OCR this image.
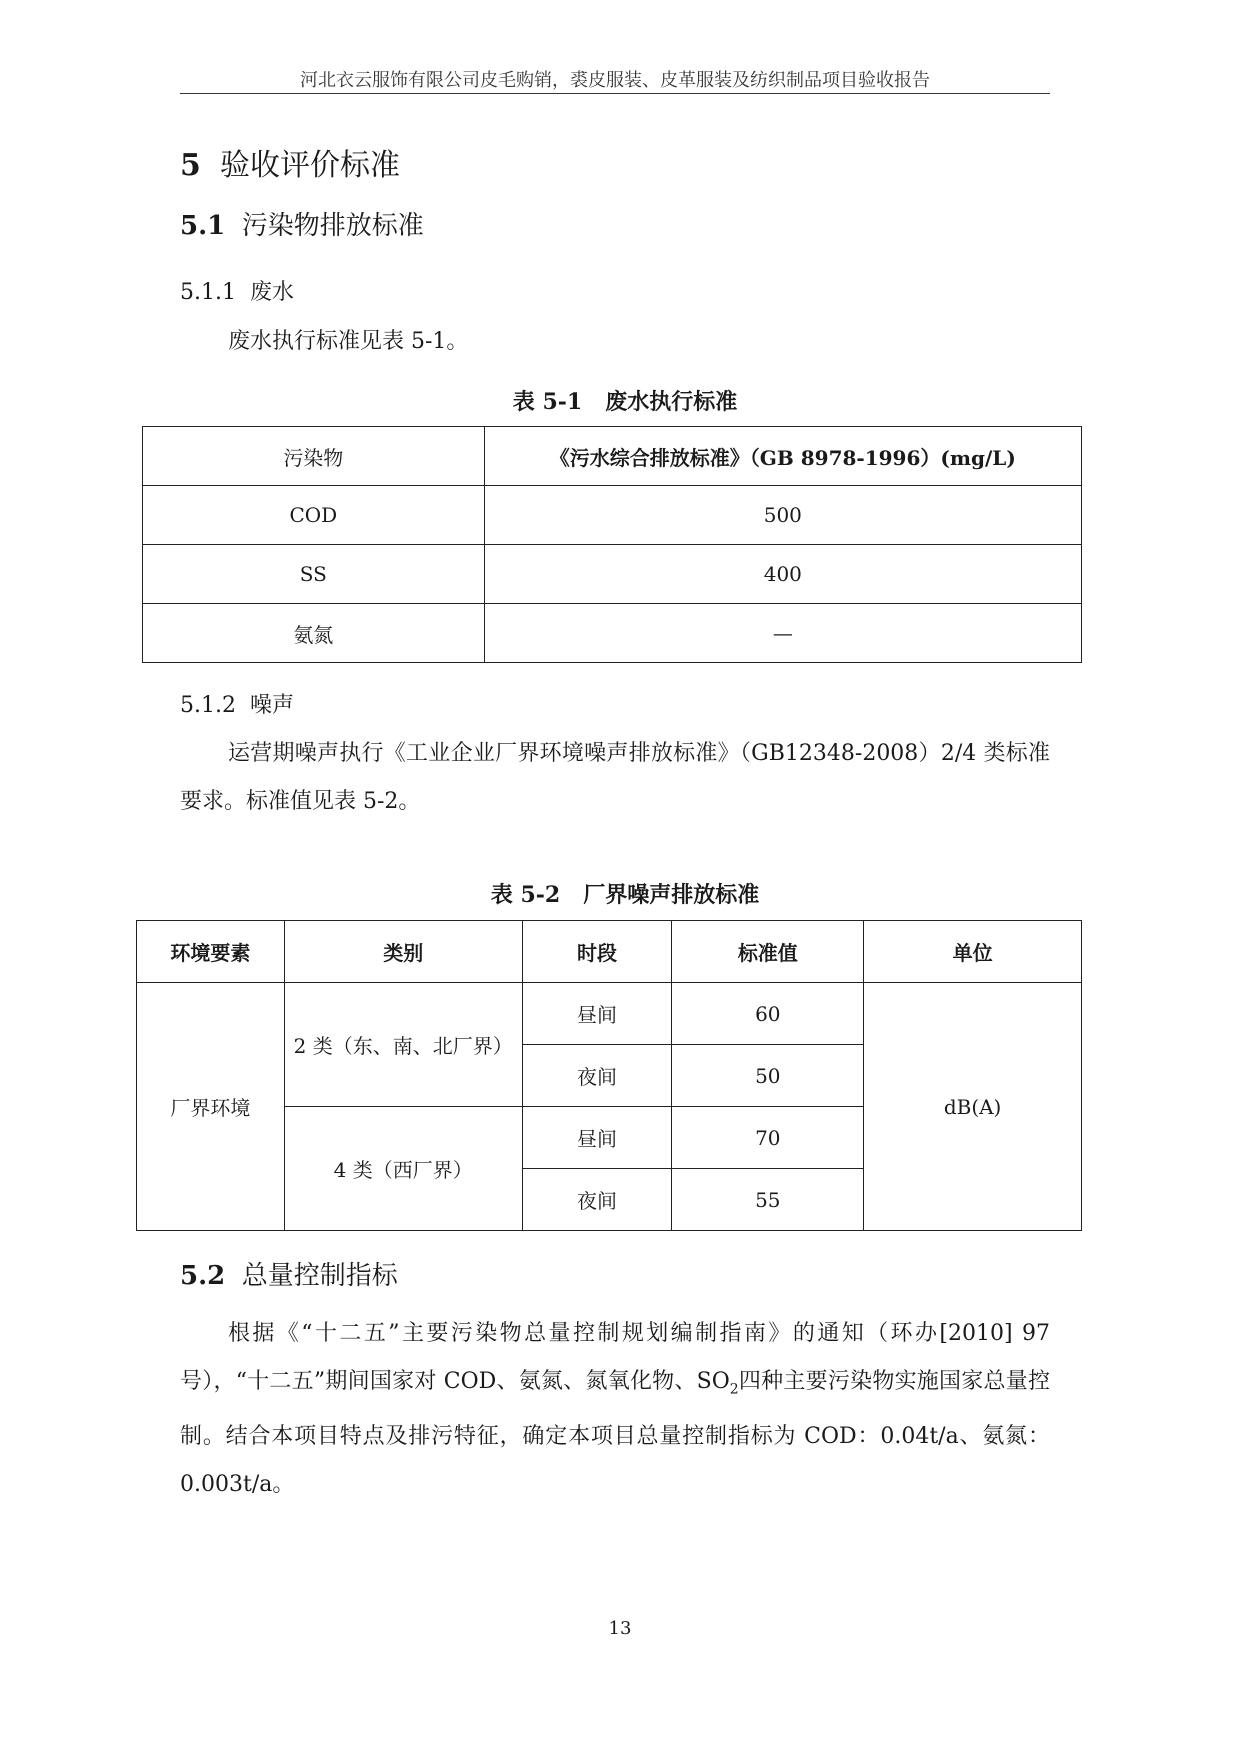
河北衣云服饰有限公司皮毛购销，裘皮服装、皮革服装及纺织制品项目验收报告
5 验收评价标准
5.1 污染物排放标准
5.1.1 废水
废水执行标准见表 5-1。
表 5-1 废水执行标准
污染物	《污水综合排放标准》（GB 8978-1996）(mg/L)
COD	500
SS	400
氨氮	—
5.1.2 噪声
运营期噪声执行《工业企业厂界环境噪声排放标准》（GB12348-2008）2/4 类标准要求。标准值见表 5-2。
表 5-2 厂界噪声排放标准
环境要素	类别	时段	标准值	单位
厂界环境	2 类（东、南、北厂界）	昼间	60	dB(A)
		夜间	50	
	4 类（西厂界）	昼间	70	
		夜间	55	
5.2 总量控制指标
根据《“十二五”主要污染物总量控制规划编制指南》的通知（环办[2010] 97 号），“十二五”期间国家对 COD、氨氮、氮氧化物、$SO_2$四种主要污染物实施国家总量控制。结合本项目特点及排污特征，确定本项目总量控制指标为 COD：0.04t/a、氨氮：0.003t/a。
13
